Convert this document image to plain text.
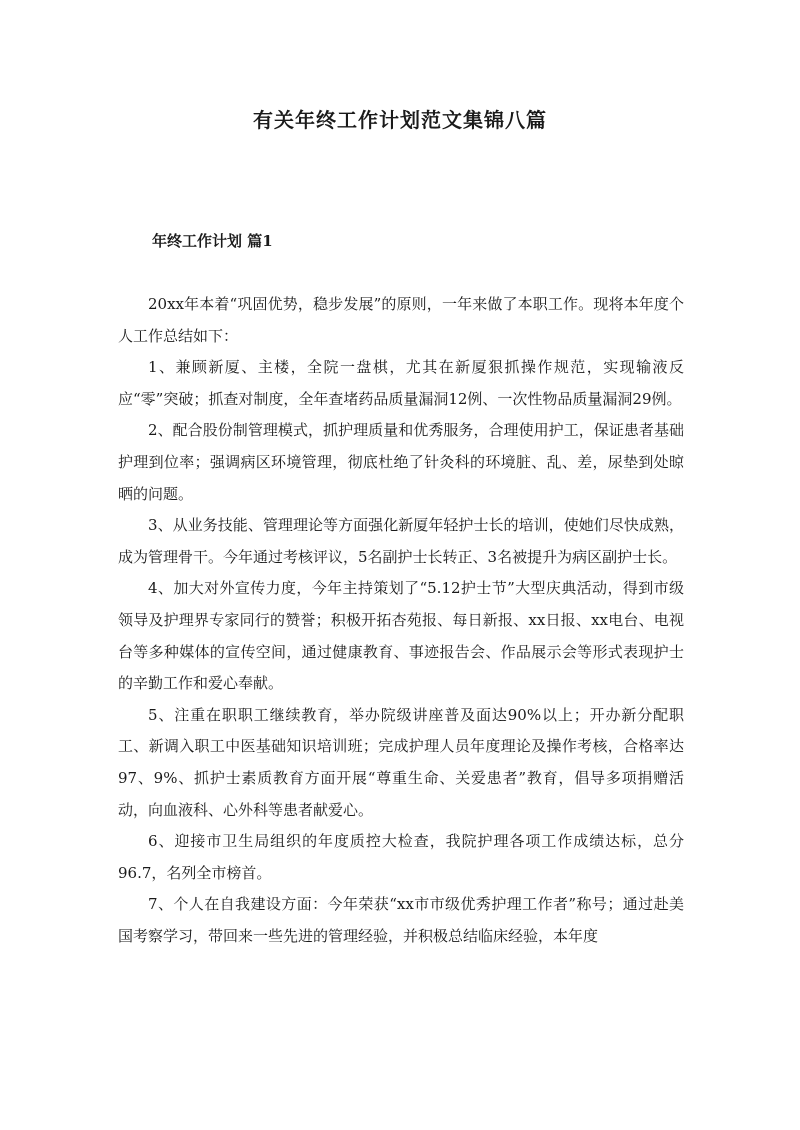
有关年终工作计划范文集锦八篇
年终工作计划 篇1

20xx年本着“巩固优势，稳步发展”的原则，一年来做了本职工作。现将本年度个人工作总结如下：

1、兼顾新厦、主楼，全院一盘棋，尤其在新厦狠抓操作规范，实现输液反应“零”突破；抓查对制度，全年查堵药品质量漏洞12例、一次性物品质量漏洞29例。

2、配合股份制管理模式，抓护理质量和优秀服务，合理使用护工，保证患者基础护理到位率；强调病区环境管理，彻底杜绝了针灸科的环境脏、乱、差，尿垫到处晾晒的问题。

3、从业务技能、管理理论等方面强化新厦年轻护士长的培训，使她们尽快成熟，成为管理骨干。今年通过考核评议，5名副护士长转正、3名被提升为病区副护士长。

4、加大对外宣传力度，今年主持策划了“5.12护士节”大型庆典活动，得到市级领导及护理界专家同行的赞誉；积极开拓杏苑报、每日新报、xx日报、xx电台、电视台等多种媒体的宣传空间，通过健康教育、事迹报告会、作品展示会等形式表现护士的辛勤工作和爱心奉献。

5、注重在职职工继续教育，举办院级讲座普及面达90%以上；开办新分配职工、新调入职工中医基础知识培训班；完成护理人员年度理论及操作考核，合格率达97、9%、抓护士素质教育方面开展“尊重生命、关爱患者”教育，倡导多项捐赠活动，向血液科、心外科等患者献爱心。

6、迎接市卫生局组织的年度质控大检查，我院护理各项工作成绩达标，总分96.7，名列全市榜首。

7、个人在自我建设方面：今年荣获“xx市市级优秀护理工作者”称号；通过赴美国考察学习，带回来一些先进的管理经验，并积极总结临床经验，本年度
